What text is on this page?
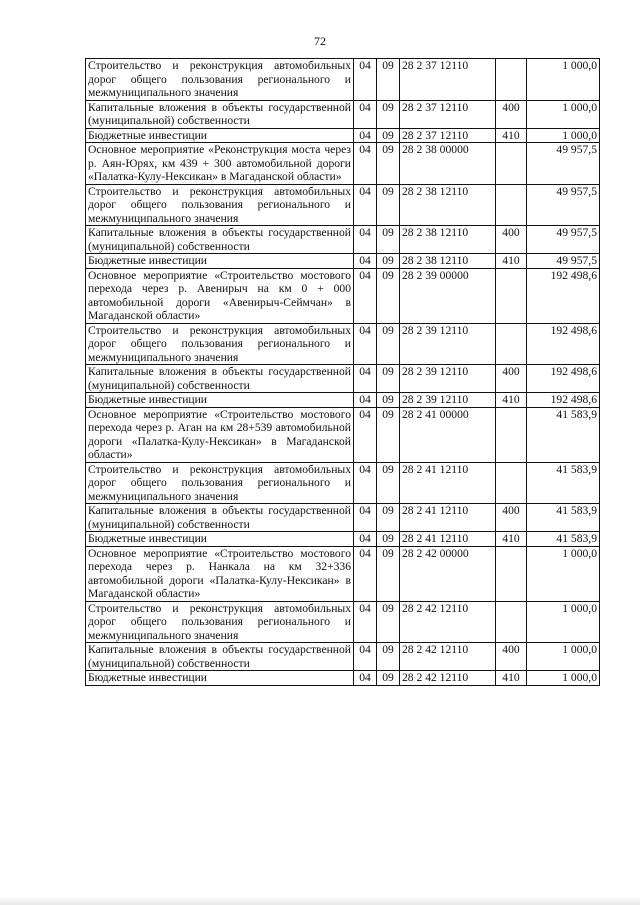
72
Строительство и реконструкция автомобильных дорог общего пользования регионального и межмуниципального значения	04	09	28 2 37 12110		1 000,0
Капитальные вложения в объекты государственной (муниципальной) собственности	04	09	28 2 37 12110	400	1 000,0
Бюджетные инвестиции	04	09	28 2 37 12110	410	1 000,0
Основное мероприятие «Реконструкция моста через р. Аян-Юрях, км 439 + 300 автомобильной дороги «Палатка-Кулу-Нексикан» в Магаданской области»	04	09	28 2 38 00000		49 957,5
Строительство и реконструкция автомобильных дорог общего пользования регионального и межмуниципального значения	04	09	28 2 38 12110		49 957,5
Капитальные вложения в объекты государственной (муниципальной) собственности	04	09	28 2 38 12110	400	49 957,5
Бюджетные инвестиции	04	09	28 2 38 12110	410	49 957,5
Основное мероприятие «Строительство мостового перехода через р. Авенирыч на км 0 + 000 автомобильной дороги «Авенирыч-Сеймчан» в Магаданской области»	04	09	28 2 39 00000		192 498,6
Строительство и реконструкция автомобильных дорог общего пользования регионального и межмуниципального значения	04	09	28 2 39 12110		192 498,6
Капитальные вложения в объекты государственной (муниципальной) собственности	04	09	28 2 39 12110	400	192 498,6
Бюджетные инвестиции	04	09	28 2 39 12110	410	192 498,6
Основное мероприятие «Строительство мостового перехода через р. Аган на км 28+539 автомобильной дороги «Палатка-Кулу-Нексикан» в Магаданской области»	04	09	28 2 41 00000		41 583,9
Строительство и реконструкция автомобильных дорог общего пользования регионального и межмуниципального значения	04	09	28 2 41 12110		41 583,9
Капитальные вложения в объекты государственной (муниципальной) собственности	04	09	28 2 41 12110	400	41 583,9
Бюджетные инвестиции	04	09	28 2 41 12110	410	41 583,9
Основное мероприятие «Строительство мостового перехода через р. Нанкала на км 32+336 автомобильной дороги «Палатка-Кулу-Нексикан» в Магаданской области»	04	09	28 2 42 00000		1 000,0
Строительство и реконструкция автомобильных дорог общего пользования регионального и межмуниципального значения	04	09	28 2 42 12110		1 000,0
Капитальные вложения в объекты государственной (муниципальной) собственности	04	09	28 2 42 12110	400	1 000,0
Бюджетные инвестиции	04	09	28 2 42 12110	410	1 000,0
